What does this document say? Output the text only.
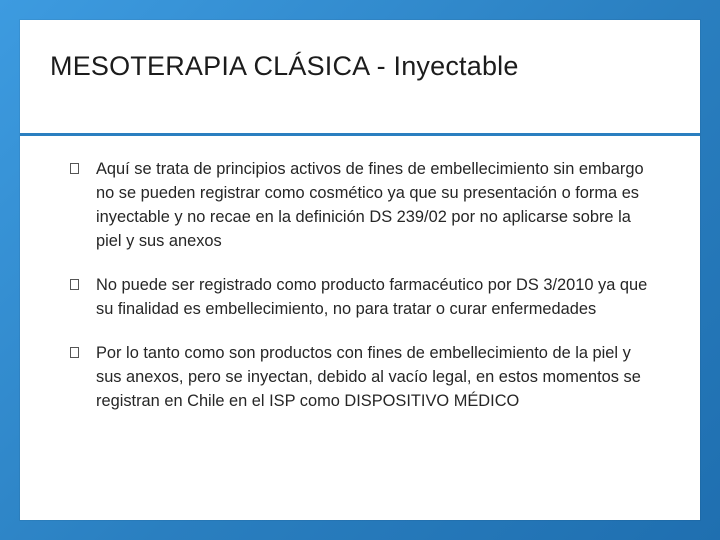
MESOTERAPIA CLÁSICA - Inyectable
Aquí se trata de principios activos de fines de embellecimiento sin embargo no se pueden registrar como cosmético ya que su presentación o forma es inyectable y no recae en la definición DS 239/02 por no aplicarse sobre la piel y sus anexos
No puede ser registrado como producto farmacéutico por DS 3/2010 ya que su finalidad es embellecimiento, no para tratar o curar enfermedades
Por lo tanto como son productos con fines de embellecimiento de la piel y sus anexos, pero se inyectan, debido al vacío legal, en estos momentos se registran en Chile en el ISP como DISPOSITIVO MÉDICO
